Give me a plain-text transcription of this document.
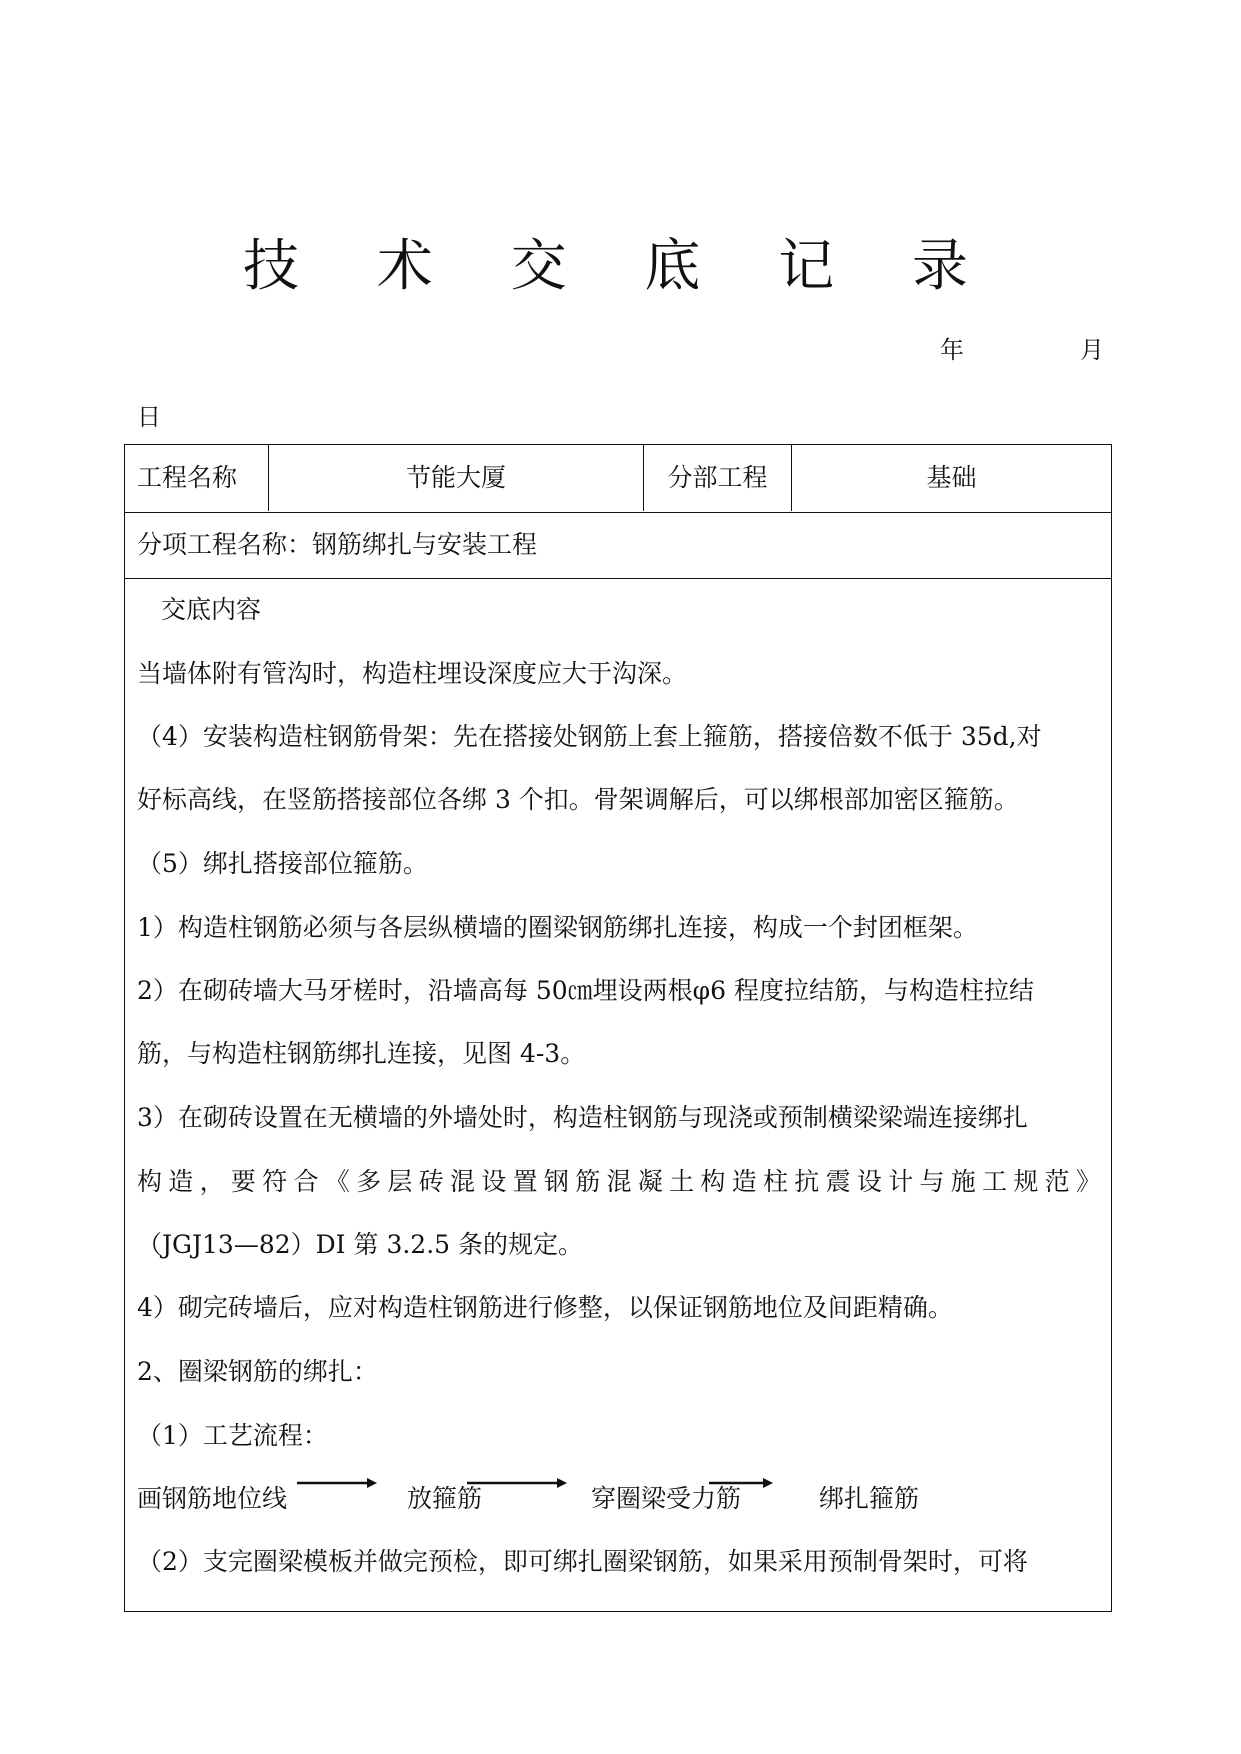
技 术 交 底 记 录
年	月
日
工程名称	节能大厦	分部工程	基础
分项工程名称：钢筋绑扎与安装工程
交底内容
当墙体附有管沟时，构造柱埋设深度应大于沟深。
（4）安装构造柱钢筋骨架：先在搭接处钢筋上套上箍筋，搭接倍数不低于 35d,对
好标高线，在竖筋搭接部位各绑 3 个扣。骨架调解后，可以绑根部加密区箍筋。
（5）绑扎搭接部位箍筋。
1）构造柱钢筋必须与各层纵横墙的圈梁钢筋绑扎连接，构成一个封团框架。
2）在砌砖墙大马牙槎时，沿墙高每 50㎝埋设两根φ6 程度拉结筋，与构造柱拉结
筋，与构造柱钢筋绑扎连接，见图 4-3。
3）在砌砖设置在无横墙的外墙处时，构造柱钢筋与现浇或预制横梁梁端连接绑扎
构造，要符合《多层砖混设置钢筋混凝土构造柱抗震设计与施工规范》
（JGJ13—82）DI 第 3.2.5 条的规定。
4）砌完砖墙后，应对构造柱钢筋进行修整，以保证钢筋地位及间距精确。
2、圈梁钢筋的绑扎：
（1）工艺流程：
画钢筋地位线	放箍筋	穿圈梁受力筋	绑扎箍筋
（2）支完圈梁模板并做完预检，即可绑扎圈梁钢筋，如果采用预制骨架时，可将
